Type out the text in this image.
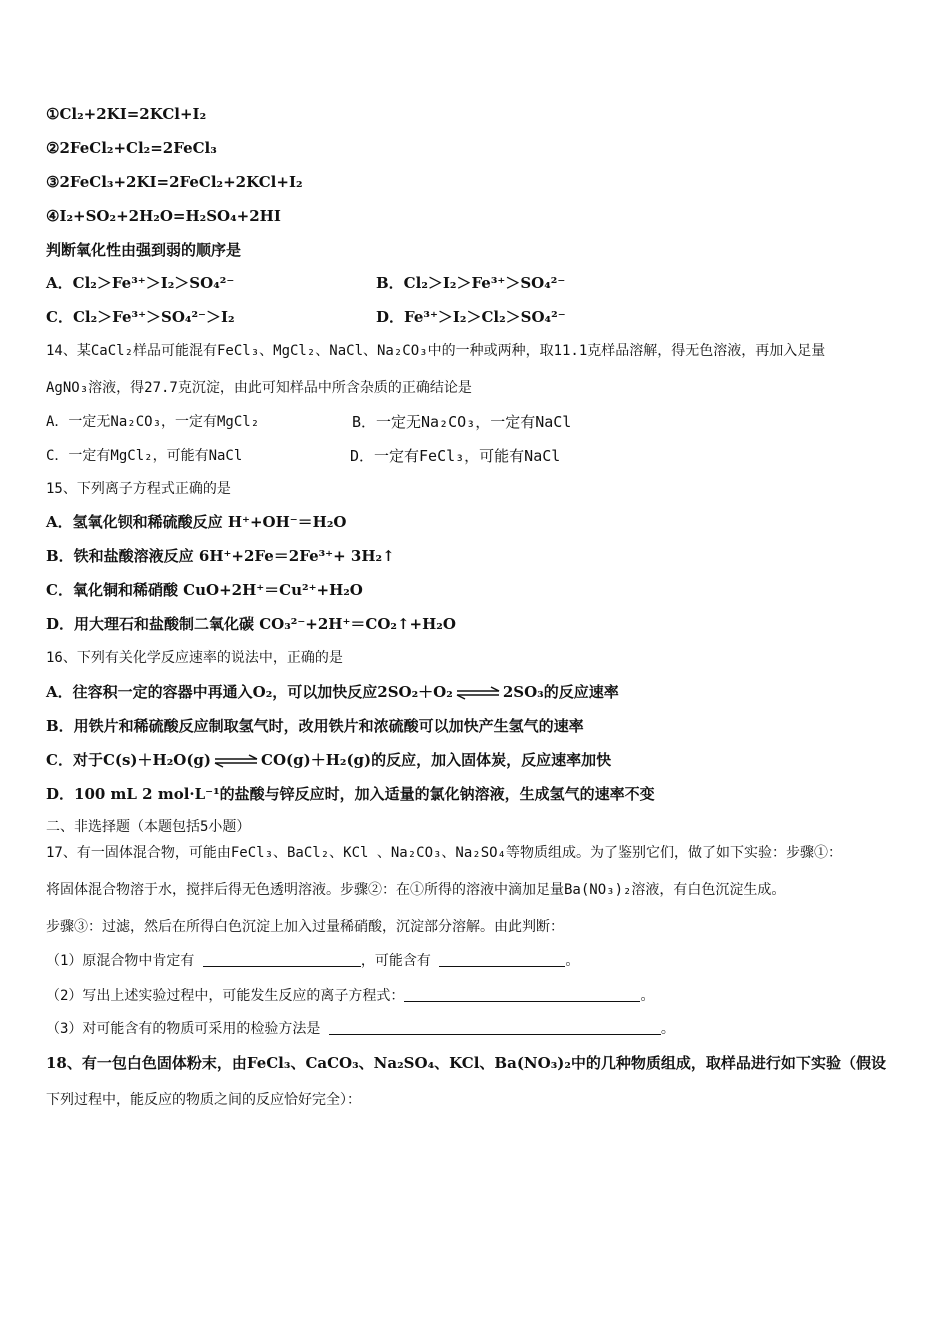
①Cl₂+2KI=2KCl+I₂
②2FeCl₂+Cl₂=2FeCl₃
③2FeCl₃+2KI=2FeCl₂+2KCl+I₂
④I₂+SO₂+2H₂O=H₂SO₄+2HI
判断氧化性由强到弱的顺序是
A．Cl₂＞Fe³⁺＞I₂＞SO₄²⁻	B．Cl₂＞I₂＞Fe³⁺＞SO₄²⁻
C．Cl₂＞Fe³⁺＞SO₄²⁻＞I₂	D．Fe³⁺＞I₂＞Cl₂＞SO₄²⁻
14、某CaCl₂样品可能混有FeCl₃、MgCl₂、NaCl、Na₂CO₃中的一种或两种，取11.1克样品溶解，得无色溶液，再加入足量
AgNO₃溶液，得27.7克沉淀，由此可知样品中所含杂质的正确结论是
A．一定无Na₂CO₃，一定有MgCl₂	B．一定无Na₂CO₃，一定有NaCl
C．一定有MgCl₂，可能有NaCl	D．一定有FeCl₃，可能有NaCl
15、下列离子方程式正确的是
A．氢氧化钡和稀硫酸反应 H⁺+OH⁻＝H₂O
B．铁和盐酸溶液反应 6H⁺+2Fe＝2Fe³⁺+ 3H₂↑
C．氧化铜和稀硝酸 CuO+2H⁺＝Cu²⁺+H₂O
D．用大理石和盐酸制二氧化碳 CO₃²⁻+2H⁺＝CO₂↑+H₂O
16、下列有关化学反应速率的说法中，正确的是
A．往容积一定的容器中再通入O₂，可以加快反应2SO₂＋O₂ ⇌ 2SO₃的反应速率
B．用铁片和稀硫酸反应制取氢气时，改用铁片和浓硫酸可以加快产生氢气的速率
C．对于C(s)＋H₂O(g) ⇌ CO(g)＋H₂(g)的反应，加入固体炭，反应速率加快
D．100 mL 2 mol·L⁻¹的盐酸与锌反应时，加入适量的氯化钠溶液，生成氢气的速率不变
二、非选择题（本题包括5小题）
17、有一固体混合物，可能由FeCl₃、BaCl₂、KCl 、Na₂CO₃、Na₂SO₄等物质组成。为了鉴别它们，做了如下实验：步骤①：
将固体混合物溶于水，搅拌后得无色透明溶液。步骤②：在①所得的溶液中滴加足量Ba(NO₃)₂溶液，有白色沉淀生成。
步骤③：过滤，然后在所得白色沉淀上加入过量稀硝酸，沉淀部分溶解。由此判断：
（1）原混合物中肯定有	，可能含有	。
（2）写出上述实验过程中，可能发生反应的离子方程式：	。
（3）对可能含有的物质可采用的检验方法是	。
18、有一包白色固体粉末，由FeCl₃、CaCO₃、Na₂SO₄、KCl、Ba(NO₃)₂中的几种物质组成，取样品进行如下实验（假设
下列过程中，能反应的物质之间的反应恰好完全）：
